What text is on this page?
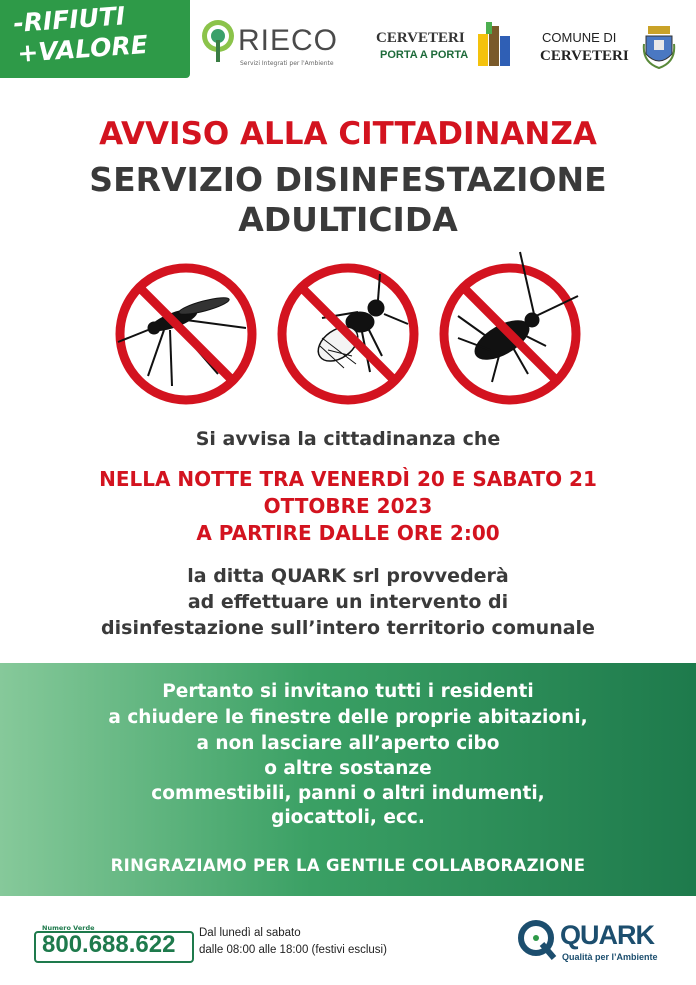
-RIFIUTI
+VALORE	RIECO
Servizi Integrati per l'Ambiente
CERVETERI
PORTA A PORTA
COMUNE DI
CERVETERI
AVVISO ALLA CITTADINANZA
SERVIZIO DISINFESTAZIONE
ADULTICIDA
Si avvisa la cittadinanza che
NELLA NOTTE TRA VENERDÌ 20 E SABATO 21
OTTOBRE 2023
A PARTIRE DALLE ORE 2:00
la ditta QUARK srl provvederà
ad effettuare un intervento di
disinfestazione sull’intero territorio comunale
Pertanto si invitano tutti i residenti
a chiudere le finestre delle proprie abitazioni,
a non lasciare all’aperto cibo
o altre sostanze
commestibili, panni o altri indumenti,
giocattoli, ecc.
RINGRAZIAMO PER LA GENTILE COLLABORAZIONE
Numero Verde
800.688.622 Dal lunedì al sabato
dalle 08:00 alle 18:00 (festivi esclusi)	QUARK
Qualità per l’Ambiente
